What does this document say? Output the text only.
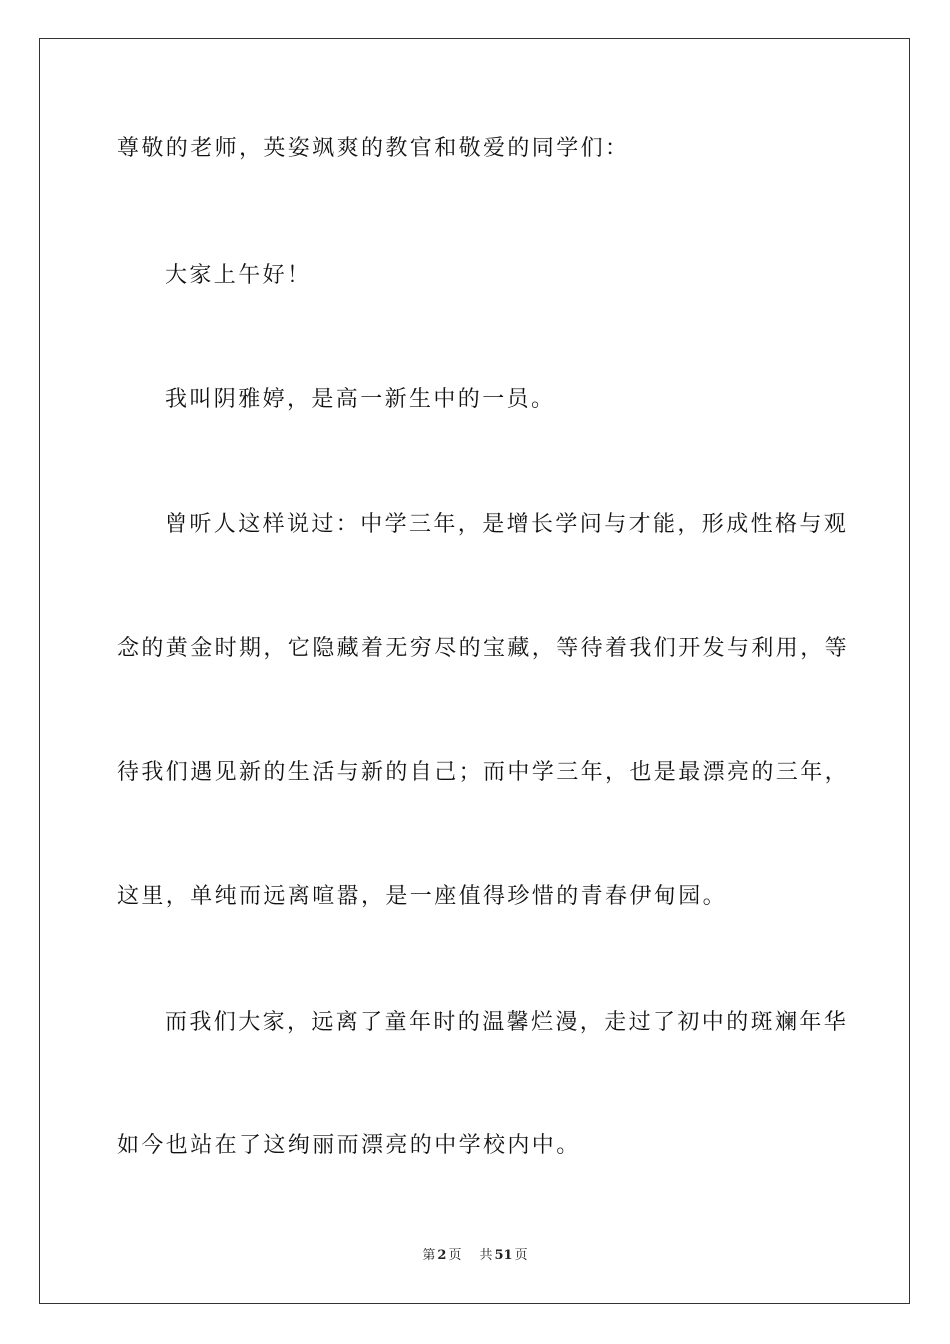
尊敬的老师，英姿飒爽的教官和敬爱的同学们：
大家上午好！
我叫阴雅婷，是高一新生中的一员。
曾听人这样说过：中学三年，是增长学问与才能，形成性格与观
念的黄金时期，它隐藏着无穷尽的宝藏，等待着我们开发与利用，等
待我们遇见新的生活与新的自己；而中学三年，也是最漂亮的三年，
这里，单纯而远离喧嚣，是一座值得珍惜的青春伊甸园。
而我们大家，远离了童年时的温馨烂漫，走过了初中的斑斓年华
如今也站在了这绚丽而漂亮的中学校内中。
第 2 页 共 51 页
